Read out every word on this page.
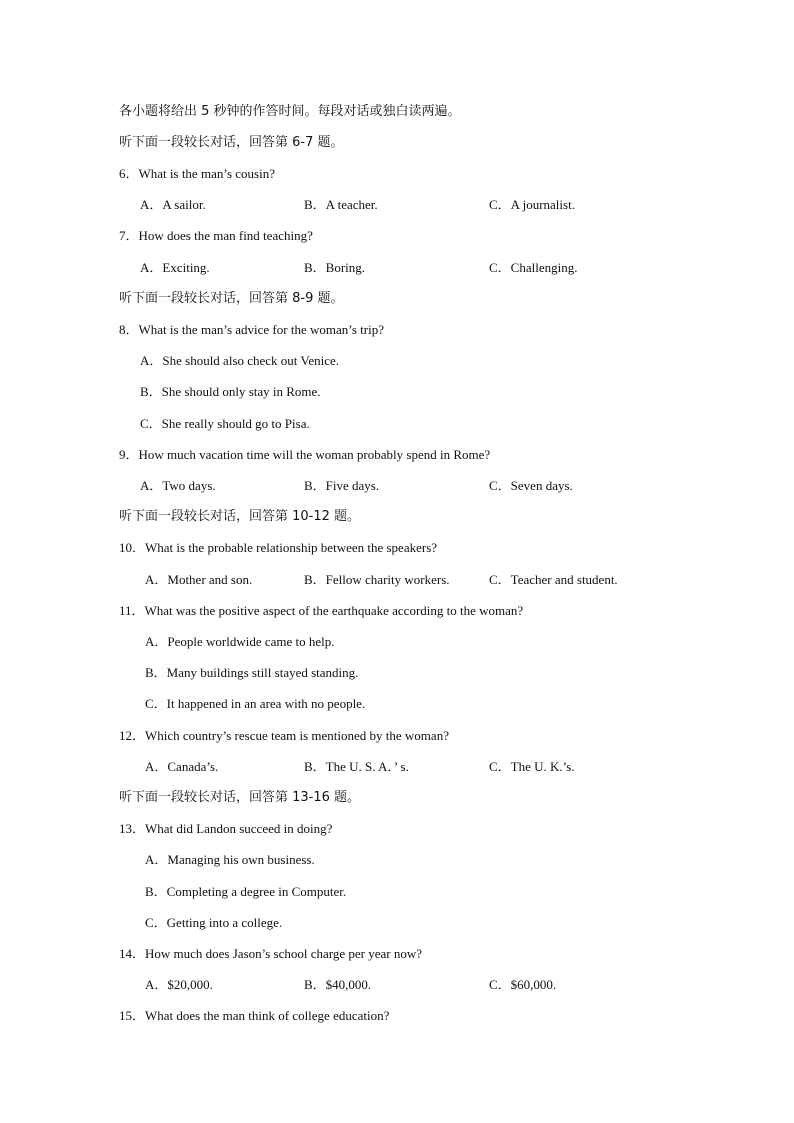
各小题将给出 5 秒钟的作答时间。每段对话或独白读两遍。
听下面一段较长对话，回答第 6-7 题。
6．What is the man’s cousin?
A．A sailor.	B．A teacher.	C．A journalist.
7．How does the man find teaching?
A．Exciting.	B．Boring.	C．Challenging.
听下面一段较长对话，回答第 8-9 题。
8．What is the man’s advice for the woman’s trip?
A．She should also check out Venice.
B．She should only stay in Rome.
C．She really should go to Pisa.
9．How much vacation time will the woman probably spend in Rome?
A．Two days.	B．Five days.	C．Seven days.
听下面一段较长对话，回答第 10-12 题。
10．What is the probable relationship between the speakers?
A．Mother and son.	B．Fellow charity workers.	C．Teacher and student.
11．What was the positive aspect of the earthquake according to the woman?
A．People worldwide came to help.
B．Many buildings still stayed standing.
C．It happened in an area with no people.
12．Which country’s rescue team is mentioned by the woman?
A．Canada’s.	B．The U. S. A．’ s.	C．The U. K.’s.
听下面一段较长对话，回答第 13-16 题。
13．What did Landon succeed in doing?
A．Managing his own business.
B．Completing a degree in Computer.
C．Getting into a college.
14．How much does Jason’s school charge per year now?
A．$20,000.	B．$40,000.	C．$60,000.
15．What does the man think of college education?
